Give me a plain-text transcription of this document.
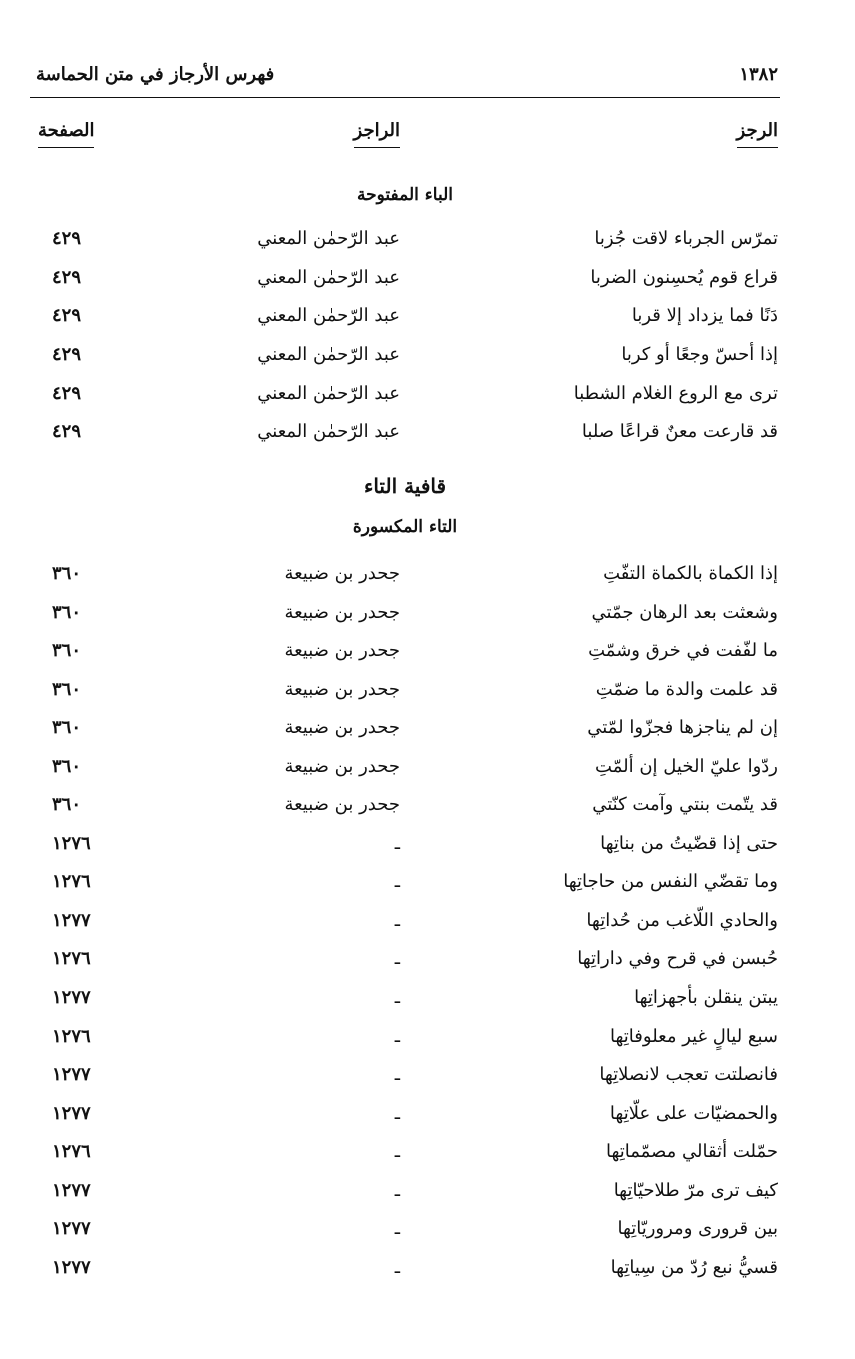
١٣٨٢
فهرس الأرجاز في متن الحماسة
الرجز
الراجز
الصفحة
الباء المفتوحة
تمرّس الجرباء لاقت جُزبا
عبد الرّحمٰن المعني
٤٢٩
قراع قوم يُحسِنون الضربا
عبد الرّحمٰن المعني
٤٢٩
دَنًا فما يزداد إلا قربا
عبد الرّحمٰن المعني
٤٢٩
إذا أحسّ وجعًا أو كربا
عبد الرّحمٰن المعني
٤٢٩
ترى مع الروع الغلام الشطبا
عبد الرّحمٰن المعني
٤٢٩
قد قارعت معنٌ قراعًا صلبا
عبد الرّحمٰن المعني
٤٢٩
قافية التاء
التاء المكسورة
إذا الكماة بالكماة التفّتِ
جحدر بن ضبيعة
٣٦٠
وشعثت بعد الرهان جمّتي
جحدر بن ضبيعة
٣٦٠
ما لفّفت في خرق وشمّتِ
جحدر بن ضبيعة
٣٦٠
قد علمت والدة ما ضمّتِ
جحدر بن ضبيعة
٣٦٠
إن لم يناجزها فجزّوا لمّتي
جحدر بن ضبيعة
٣٦٠
ردّوا عليّ الخيل إن ألمّتِ
جحدر بن ضبيعة
٣٦٠
قد يتّمت بنتي وآمت كنّتي
جحدر بن ضبيعة
٣٦٠
حتى إذا قضّيتُ من بناتِها
ـ
١٢٧٦
وما تقضّي النفس من حاجاتِها
ـ
١٢٧٦
والحادي اللّاغب من حُداتِها
ـ
١٢٧٧
حُبسن في قرح وفي داراتِها
ـ
١٢٧٦
يبتن ينقلن بأجهزاتِها
ـ
١٢٧٧
سبع ليالٍ غير معلوفاتِها
ـ
١٢٧٦
فانصلتت تعجب لانصلاتِها
ـ
١٢٧٧
والحمضيّات على علّاتِها
ـ
١٢٧٧
حمّلت أثقالي مصمّماتِها
ـ
١٢٧٦
كيف ترى مرّ طلاحيّاتِها
ـ
١٢٧٧
بين قرورى ومروريّاتِها
ـ
١٢٧٧
قسيُّ نبع رُدّ من سِياتِها
ـ
١٢٧٧
